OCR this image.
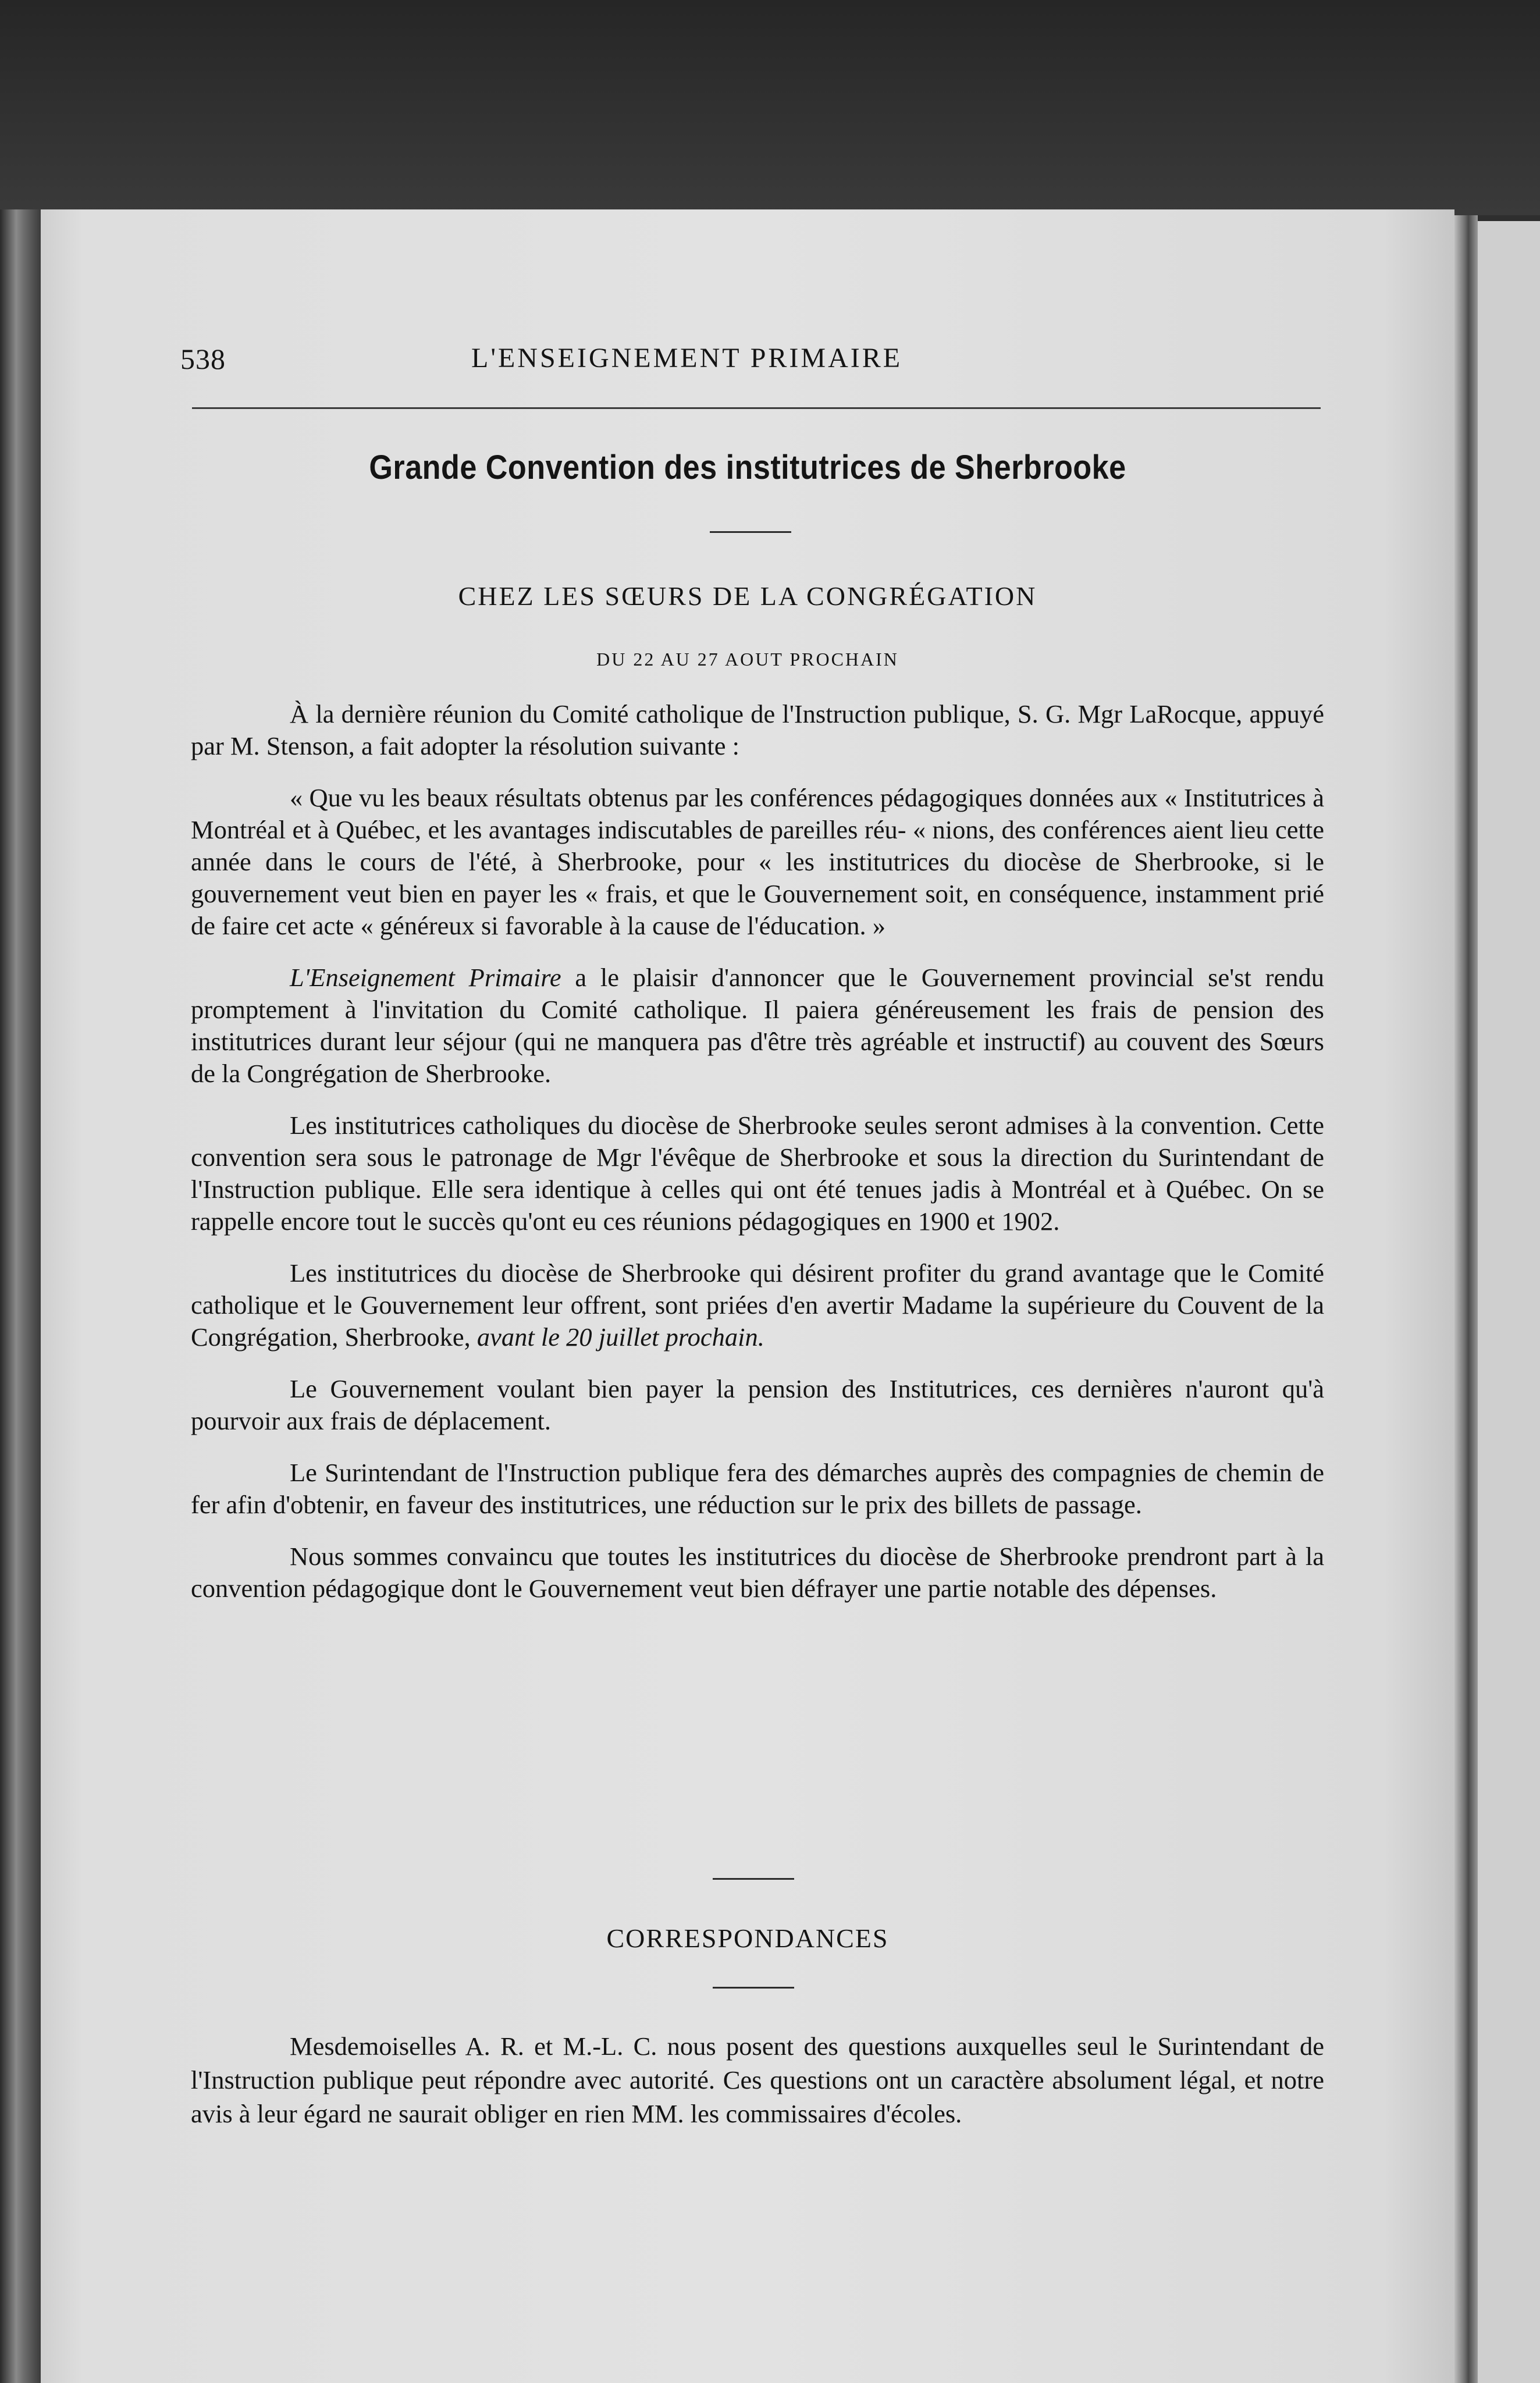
538	L'ENSEIGNEMENT PRIMAIRE
Grande Convention des institutrices de Sherbrooke
CHEZ LES SŒURS DE LA CONGRÉGATION
DU 22 AU 27 AOUT PROCHAIN

À la dernière réunion du Comité catholique de l'Instruction publique, S. G. Mgr LaRocque, appuyé par M. Stenson, a fait adopter la résolution suivante :

« Que vu les beaux résultats obtenus par les conférences pédagogiques données aux « Institutrices à Montréal et à Québec, et les avantages indiscutables de pareilles réu- « nions, des conférences aient lieu cette année dans le cours de l'été, à Sherbrooke, pour « les institutrices du diocèse de Sherbrooke, si le gouvernement veut bien en payer les « frais, et que le Gouvernement soit, en conséquence, instamment prié de faire cet acte « généreux si favorable à la cause de l'éducation. »

L'Enseignement Primaire a le plaisir d'annoncer que le Gouvernement provincial se'st rendu promptement à l'invitation du Comité catholique. Il paiera généreusement les frais de pension des institutrices durant leur séjour (qui ne manquera pas d'être très agréable et instructif) au couvent des Sœurs de la Congrégation de Sherbrooke.

Les institutrices catholiques du diocèse de Sherbrooke seules seront admises à la convention. Cette convention sera sous le patronage de Mgr l'évêque de Sherbrooke et sous la direction du Surintendant de l'Instruction publique. Elle sera identique à celles qui ont été tenues jadis à Montréal et à Québec. On se rappelle encore tout le succès qu'ont eu ces réunions pédagogiques en 1900 et 1902.

Les institutrices du diocèse de Sherbrooke qui désirent profiter du grand avantage que le Comité catholique et le Gouvernement leur offrent, sont priées d'en avertir Madame la supérieure du Couvent de la Congrégation, Sherbrooke, avant le 20 juillet prochain.

Le Gouvernement voulant bien payer la pension des Institutrices, ces dernières n'auront qu'à pourvoir aux frais de déplacement.

Le Surintendant de l'Instruction publique fera des démarches auprès des compagnies de chemin de fer afin d'obtenir, en faveur des institutrices, une réduction sur le prix des billets de passage.

Nous sommes convaincu que toutes les institutrices du diocèse de Sherbrooke prendront part à la convention pédagogique dont le Gouvernement veut bien défrayer une partie notable des dépenses.

CORRESPONDANCES

Mesdemoiselles A. R. et M.-L. C. nous posent des questions auxquelles seul le Surintendant de l'Instruction publique peut répondre avec autorité. Ces questions ont un caractère absolument légal, et notre avis à leur égard ne saurait obliger en rien MM. les commissaires d'écoles.
